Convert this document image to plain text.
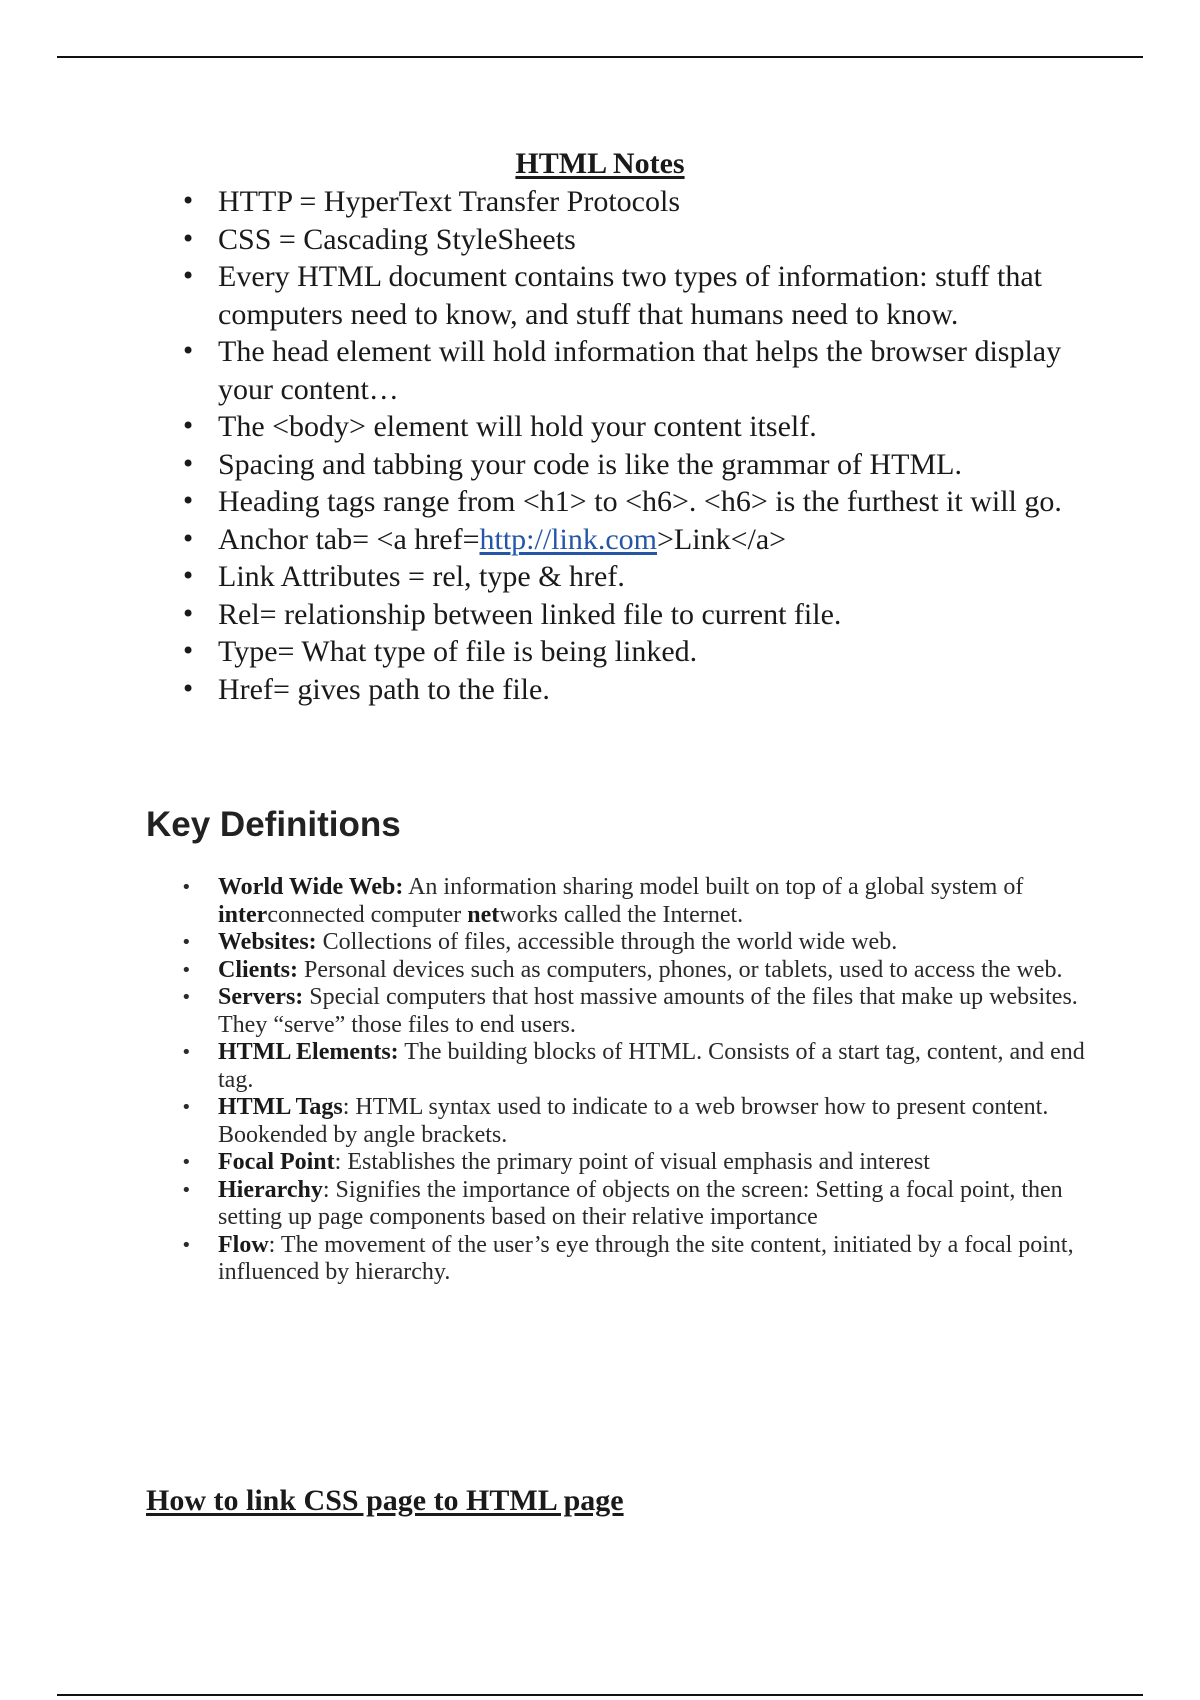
HTML Notes
• HTTP = HyperText Transfer Protocols
• CSS = Cascading StyleSheets
• Every HTML document contains two types of information: stuff that computers need to know, and stuff that humans need to know.
• The head element will hold information that helps the browser display your content…
• The <body> element will hold your content itself.
• Spacing and tabbing your code is like the grammar of HTML.
• Heading tags range from <h1> to <h6>. <h6> is the furthest it will go.
• Anchor tab= <a href=http://link.com>Link</a>
• Link Attributes = rel, type & href.
• Rel= relationship between linked file to current file.
• Type= What type of file is being linked.
• Href= gives path to the file.
Key Definitions
• World Wide Web: An information sharing model built on top of a global system of interconnected computer networks called the Internet.
• Websites: Collections of files, accessible through the world wide web.
• Clients: Personal devices such as computers, phones, or tablets, used to access the web.
• Servers: Special computers that host massive amounts of the files that make up websites. They “serve” those files to end users.
• HTML Elements: The building blocks of HTML. Consists of a start tag, content, and end tag.
• HTML Tags: HTML syntax used to indicate to a web browser how to present content. Bookended by angle brackets.
• Focal Point: Establishes the primary point of visual emphasis and interest
• Hierarchy: Signifies the importance of objects on the screen: Setting a focal point, then setting up page components based on their relative importance
• Flow: The movement of the user’s eye through the site content, initiated by a focal point, influenced by hierarchy.
How to link CSS page to HTML page
